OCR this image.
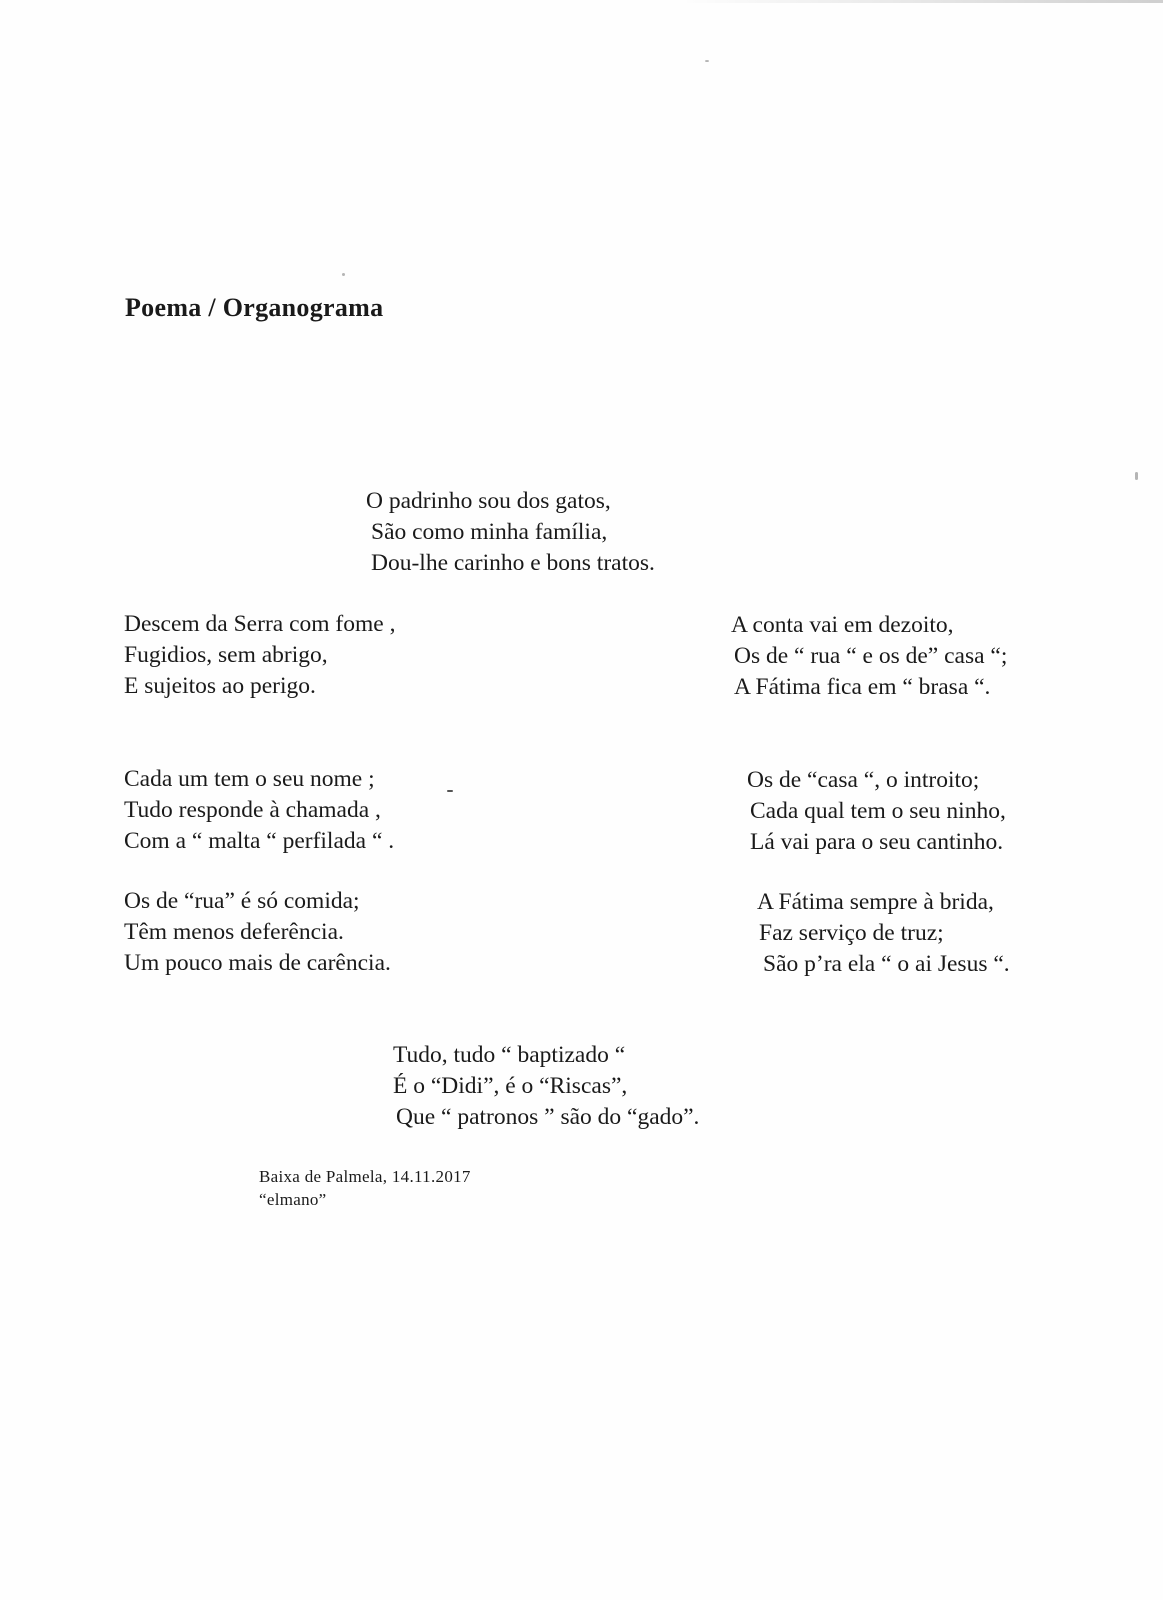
Poema / Organograma
O padrinho sou dos gatos,
São como minha família,
Dou-lhe carinho e bons tratos.
Descem da Serra com fome ,
Fugidios, sem abrigo,
E sujeitos ao perigo.
A conta vai em dezoito,
Os de “ rua “ e os de” casa “;
A Fátima fica em “ brasa “.
Cada um tem o seu nome ;
Tudo responde à chamada ,
Com a “ malta “ perfilada “ .
Os de “casa “, o introito;
Cada qual tem o seu ninho,
Lá vai para o seu cantinho.
Os de “rua” é só comida;
Têm menos deferência.
Um pouco mais de carência.
A Fátima sempre à brida,
Faz serviço de truz;
São p’ra ela “ o ai Jesus “.
Tudo, tudo “ baptizado “
É o “Didi”, é o “Riscas”,
Que “ patronos ” são do “gado”.
Baixa de Palmela, 14.11.2017
“elmano”
